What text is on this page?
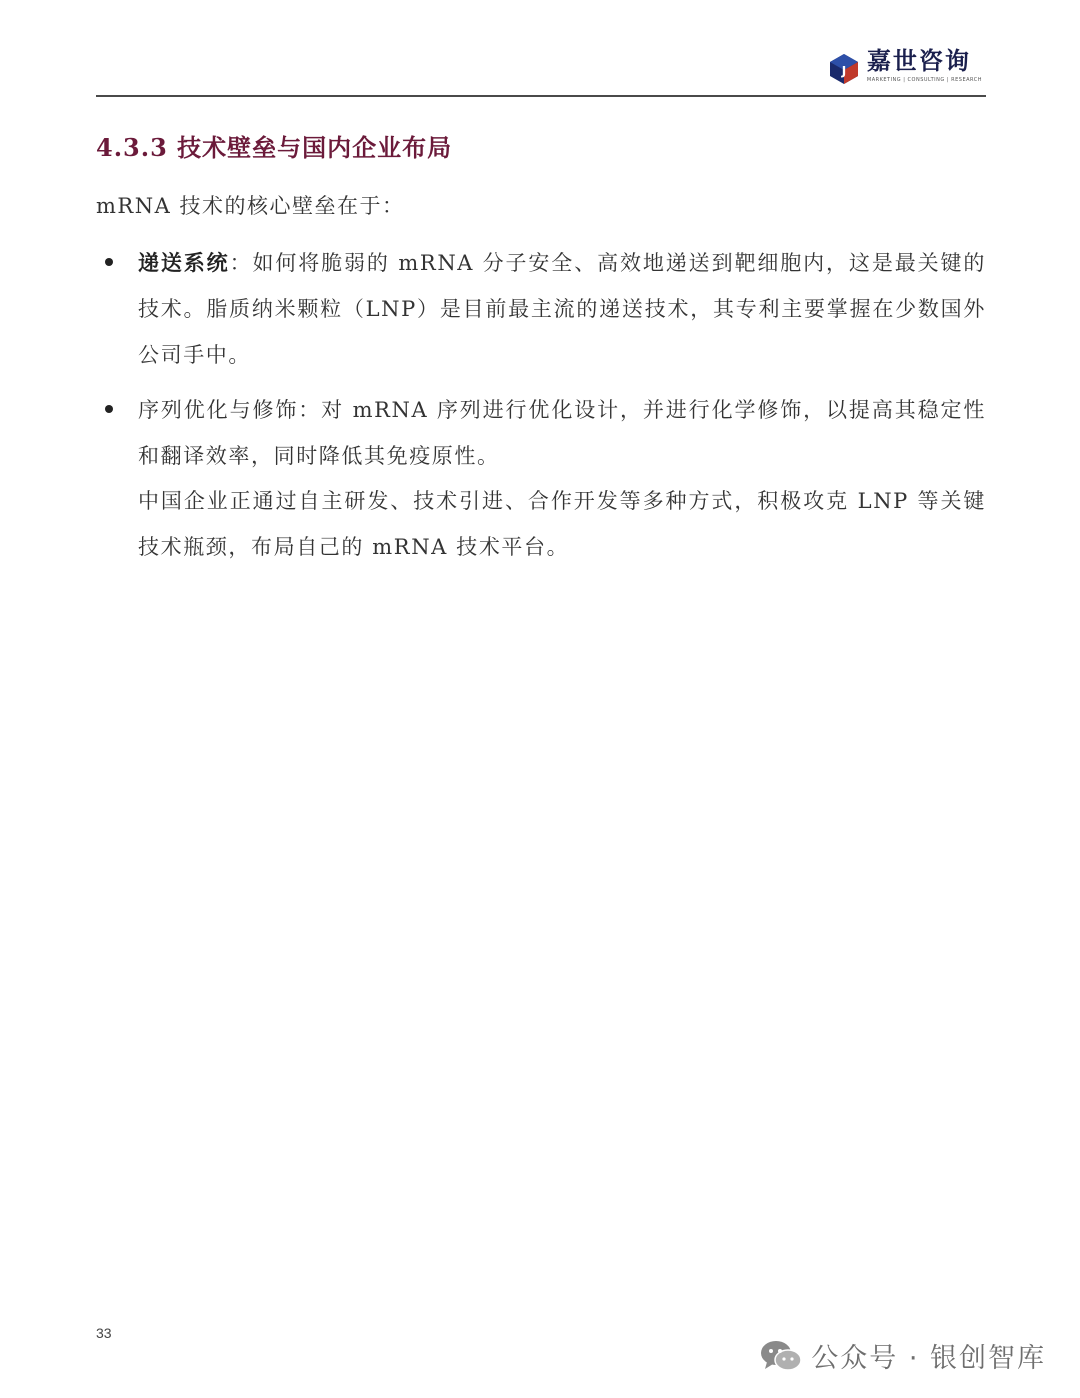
J 嘉世咨询
MARKETING | CONSULTING | RESEARCH
4.3.3 技术壁垒与国内企业布局

mRNA 技术的核心壁垒在于：

递送系统：如何将脆弱的 mRNA 分子安全、高效地递送到靶细胞内，这是最关键的技术。脂质纳米颗粒（LNP）是目前最主流的递送技术，其专利主要掌握在少数国外公司手中。
序列优化与修饰：对 mRNA 序列进行优化设计，并进行化学修饰，以提高其稳定性和翻译效率，同时降低其免疫原性。

中国企业正通过自主研发、技术引进、合作开发等多种方式，积极攻克 LNP 等关键技术瓶颈，布局自己的 mRNA 技术平台。

33
公众号 · 银创智库
